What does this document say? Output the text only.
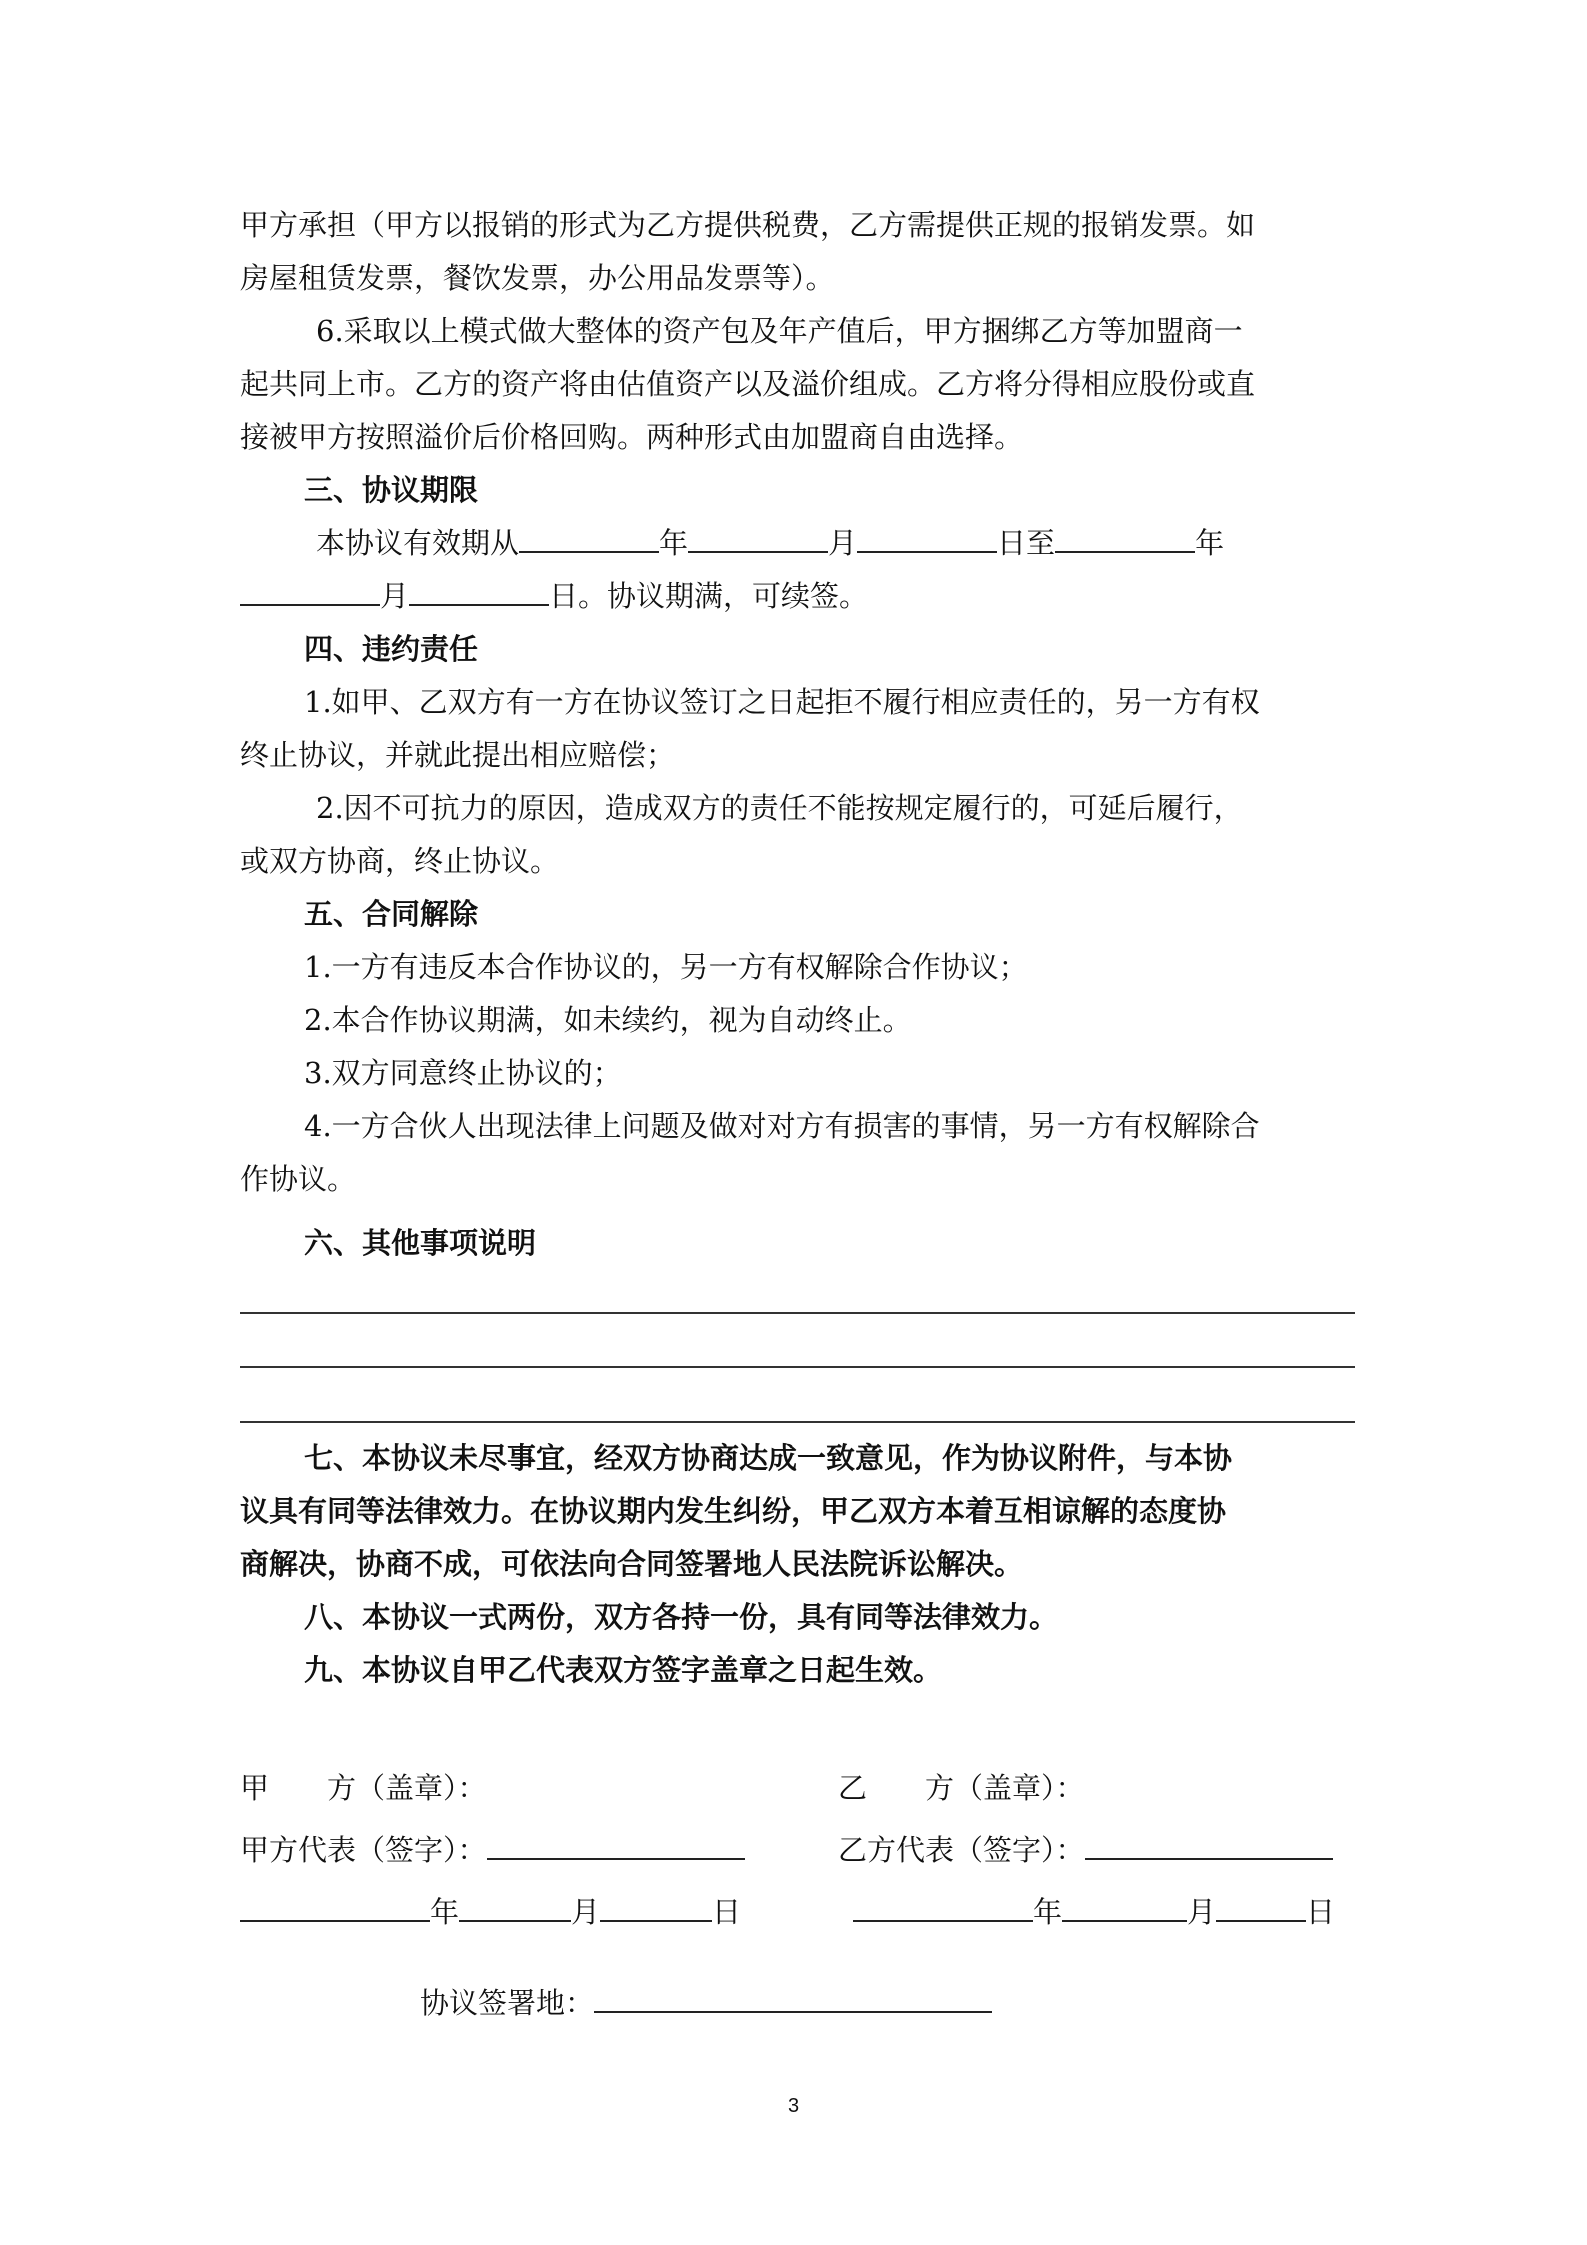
甲方承担（甲方以报销的形式为乙方提供税费，乙方需提供正规的报销发票。如

房屋租赁发票，餐饮发票，办公用品发票等）。

6.采取以上模式做大整体的资产包及年产值后，甲方捆绑乙方等加盟商一

起共同上市。乙方的资产将由估值资产以及溢价组成。乙方将分得相应股份或直

接被甲方按照溢价后价格回购。两种形式由加盟商自由选择。

三、协议期限

本协议有效期从	年	月	日至	年

月	日。协议期满，可续签。

四、违约责任

1.如甲、乙双方有一方在协议签订之日起拒不履行相应责任的，另一方有权

终止协议，并就此提出相应赔偿；

2.因不可抗力的原因，造成双方的责任不能按规定履行的，可延后履行，

或双方协商，终止协议。

五、合同解除

1.一方有违反本合作协议的，另一方有权解除合作协议；

2.本合作协议期满，如未续约，视为自动终止。

3.双方同意终止协议的；

4.一方合伙人出现法律上问题及做对对方有损害的事情，另一方有权解除合

作协议。

六、其他事项说明

七、本协议未尽事宜，经双方协商达成一致意见，作为协议附件，与本协

议具有同等法律效力。在协议期内发生纠纷，甲乙双方本着互相谅解的态度协

商解决，协商不成，可依法向合同签署地人民法院诉讼解决。

八、本协议一式两份，双方各持一份，具有同等法律效力。

九、本协议自甲乙代表双方签字盖章之日起生效。

甲 方（盖章）：	乙 方（盖章）：

甲方代表（签字）：	乙方代表（签字）：

年	月	日	年	月	日

协议签署地：

3
